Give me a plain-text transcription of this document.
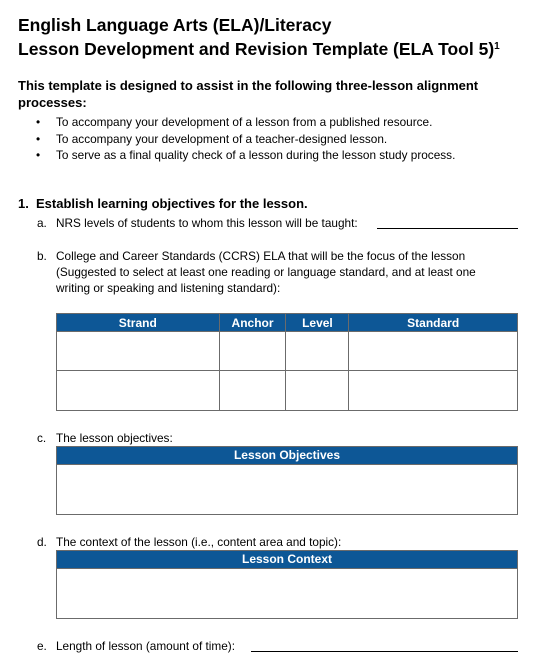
English Language Arts (ELA)/Literacy
Lesson Development and Revision Template (ELA Tool 5)$^1$
This template is designed to assist in the following three-lesson alignment processes:
• To accompany your development of a lesson from a published resource.
• To accompany your development of a teacher-designed lesson.
• To serve as a final quality check of a lesson during the lesson study process.
1. Establish learning objectives for the lesson.
a. NRS levels of students to whom this lesson will be taught:
b. College and Career Standards (CCRS) ELA that will be the focus of the lesson (Suggested to select at least one reading or language standard, and at least one writing or speaking and listening standard):
Strand	Anchor	Level	Standard

c. The lesson objectives:
Lesson Objectives
d. The context of the lesson (i.e., content area and topic):
Lesson Context
e. Length of lesson (amount of time):
